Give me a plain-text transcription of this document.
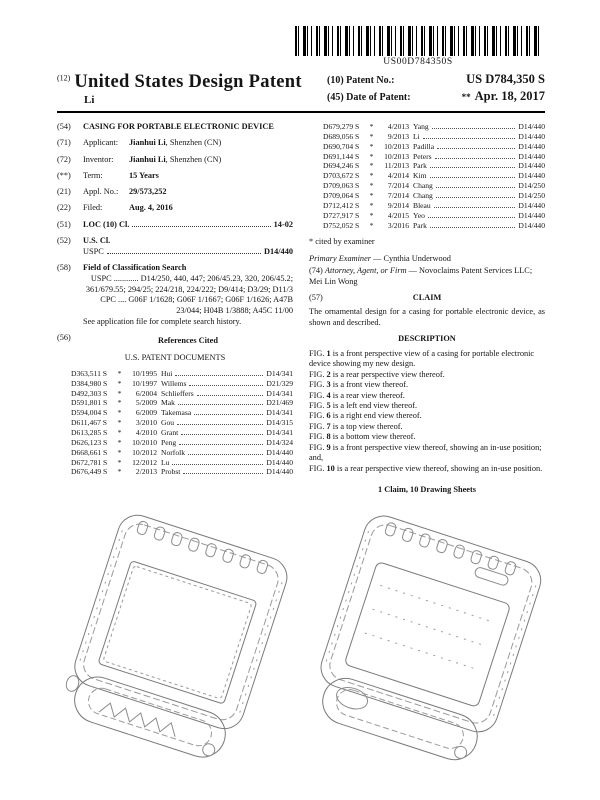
US00D784350S
$^{(12)}$ United States Design Patent
Li
(10) Patent No.:	US D784,350 S
(45) Date of Patent:	** Apr. 18, 2017
(54)	CASING FOR PORTABLE ELECTRONIC DEVICE
(71)	Applicant: Jianhui Li, Shenzhen (CN)
(72)	Inventor: Jianhui Li, Shenzhen (CN)
(**)	Term:	15 Years
(21)	Appl. No.: 29/573,252
(22)	Filed:	Aug. 4, 2016
(51)	LOC (10) Cl.	14-02
(52)	U.S. Cl.
USPC	D14/440
(58)	Field of Classification Search
USPC ............ D14/250, 440, 447; 206/45.23, 320, 206/45.2; 361/679.55; 294/25; 224/218, 224/222; D9/414; D3/29; D11/3
CPC .... G06F 1/1628; G06F 1/1667; G06F 1/1626; A47B 23/044; H04B 1/3888; A45C 11/00
See application file for complete search history.
(56)	References Cited
U.S. PATENT DOCUMENTS
D363,511 S	*	10/1995 Hui	D14/341
D384,980 S	*	10/1997 Willems	D21/329
D492,303 S	*	6/2004 Schlieffers	D14/341
D591,801 S	*	5/2009 Mak	D21/469
D594,004 S	*	6/2009 Takemasa	D14/341
D611,467 S	*	3/2010 Gou	D14/315
D613,285 S	*	4/2010 Grant	D14/341
D626,123 S	*	10/2010 Peng	D14/324
D668,661 S	*	10/2012 Norfolk	D14/440
D672,781 S	*	12/2012 Lu	D14/440
D676,449 S	*	2/2013 Probst	D14/440
D679,279 S	*	4/2013 Yang	D14/440
D689,056 S	*	9/2013 Li	D14/440
D690,704 S	*	10/2013 Padilla	D14/440
D691,144 S	*	10/2013 Peters	D14/440
D694,246 S	*	11/2013 Park	D14/440
D703,672 S	*	4/2014 Kim	D14/440
D709,063 S	*	7/2014 Chang	D14/250
D709,064 S	*	7/2014 Chang	D14/250
D712,412 S	*	9/2014 Bleau	D14/440
D727,917 S	*	4/2015 Yeo	D14/440
D752,052 S	*	3/2016 Park	D14/440
* cited by examiner
Primary Examiner — Cynthia Underwood
(74) Attorney, Agent, or Firm — Novoclaims Patent Services LLC; Mei Lin Wong
(57)	CLAIM
The ornamental design for a casing for portable electronic device, as shown and described.
DESCRIPTION
FIG. 1 is a front perspective view of a casing for portable electronic device showing my new design.
FIG. 2 is a rear perspective view thereof.
FIG. 3 is a front view thereof.
FIG. 4 is a rear view thereof.
FIG. 5 is a left end view thereof.
FIG. 6 is a right end view thereof.
FIG. 7 is a top view thereof.
FIG. 8 is a bottom view thereof.
FIG. 9 is a front perspective view thereof, showing an in-use position; and,
FIG. 10 is a rear perspective view thereof, showing an in-use position.
1 Claim, 10 Drawing Sheets
